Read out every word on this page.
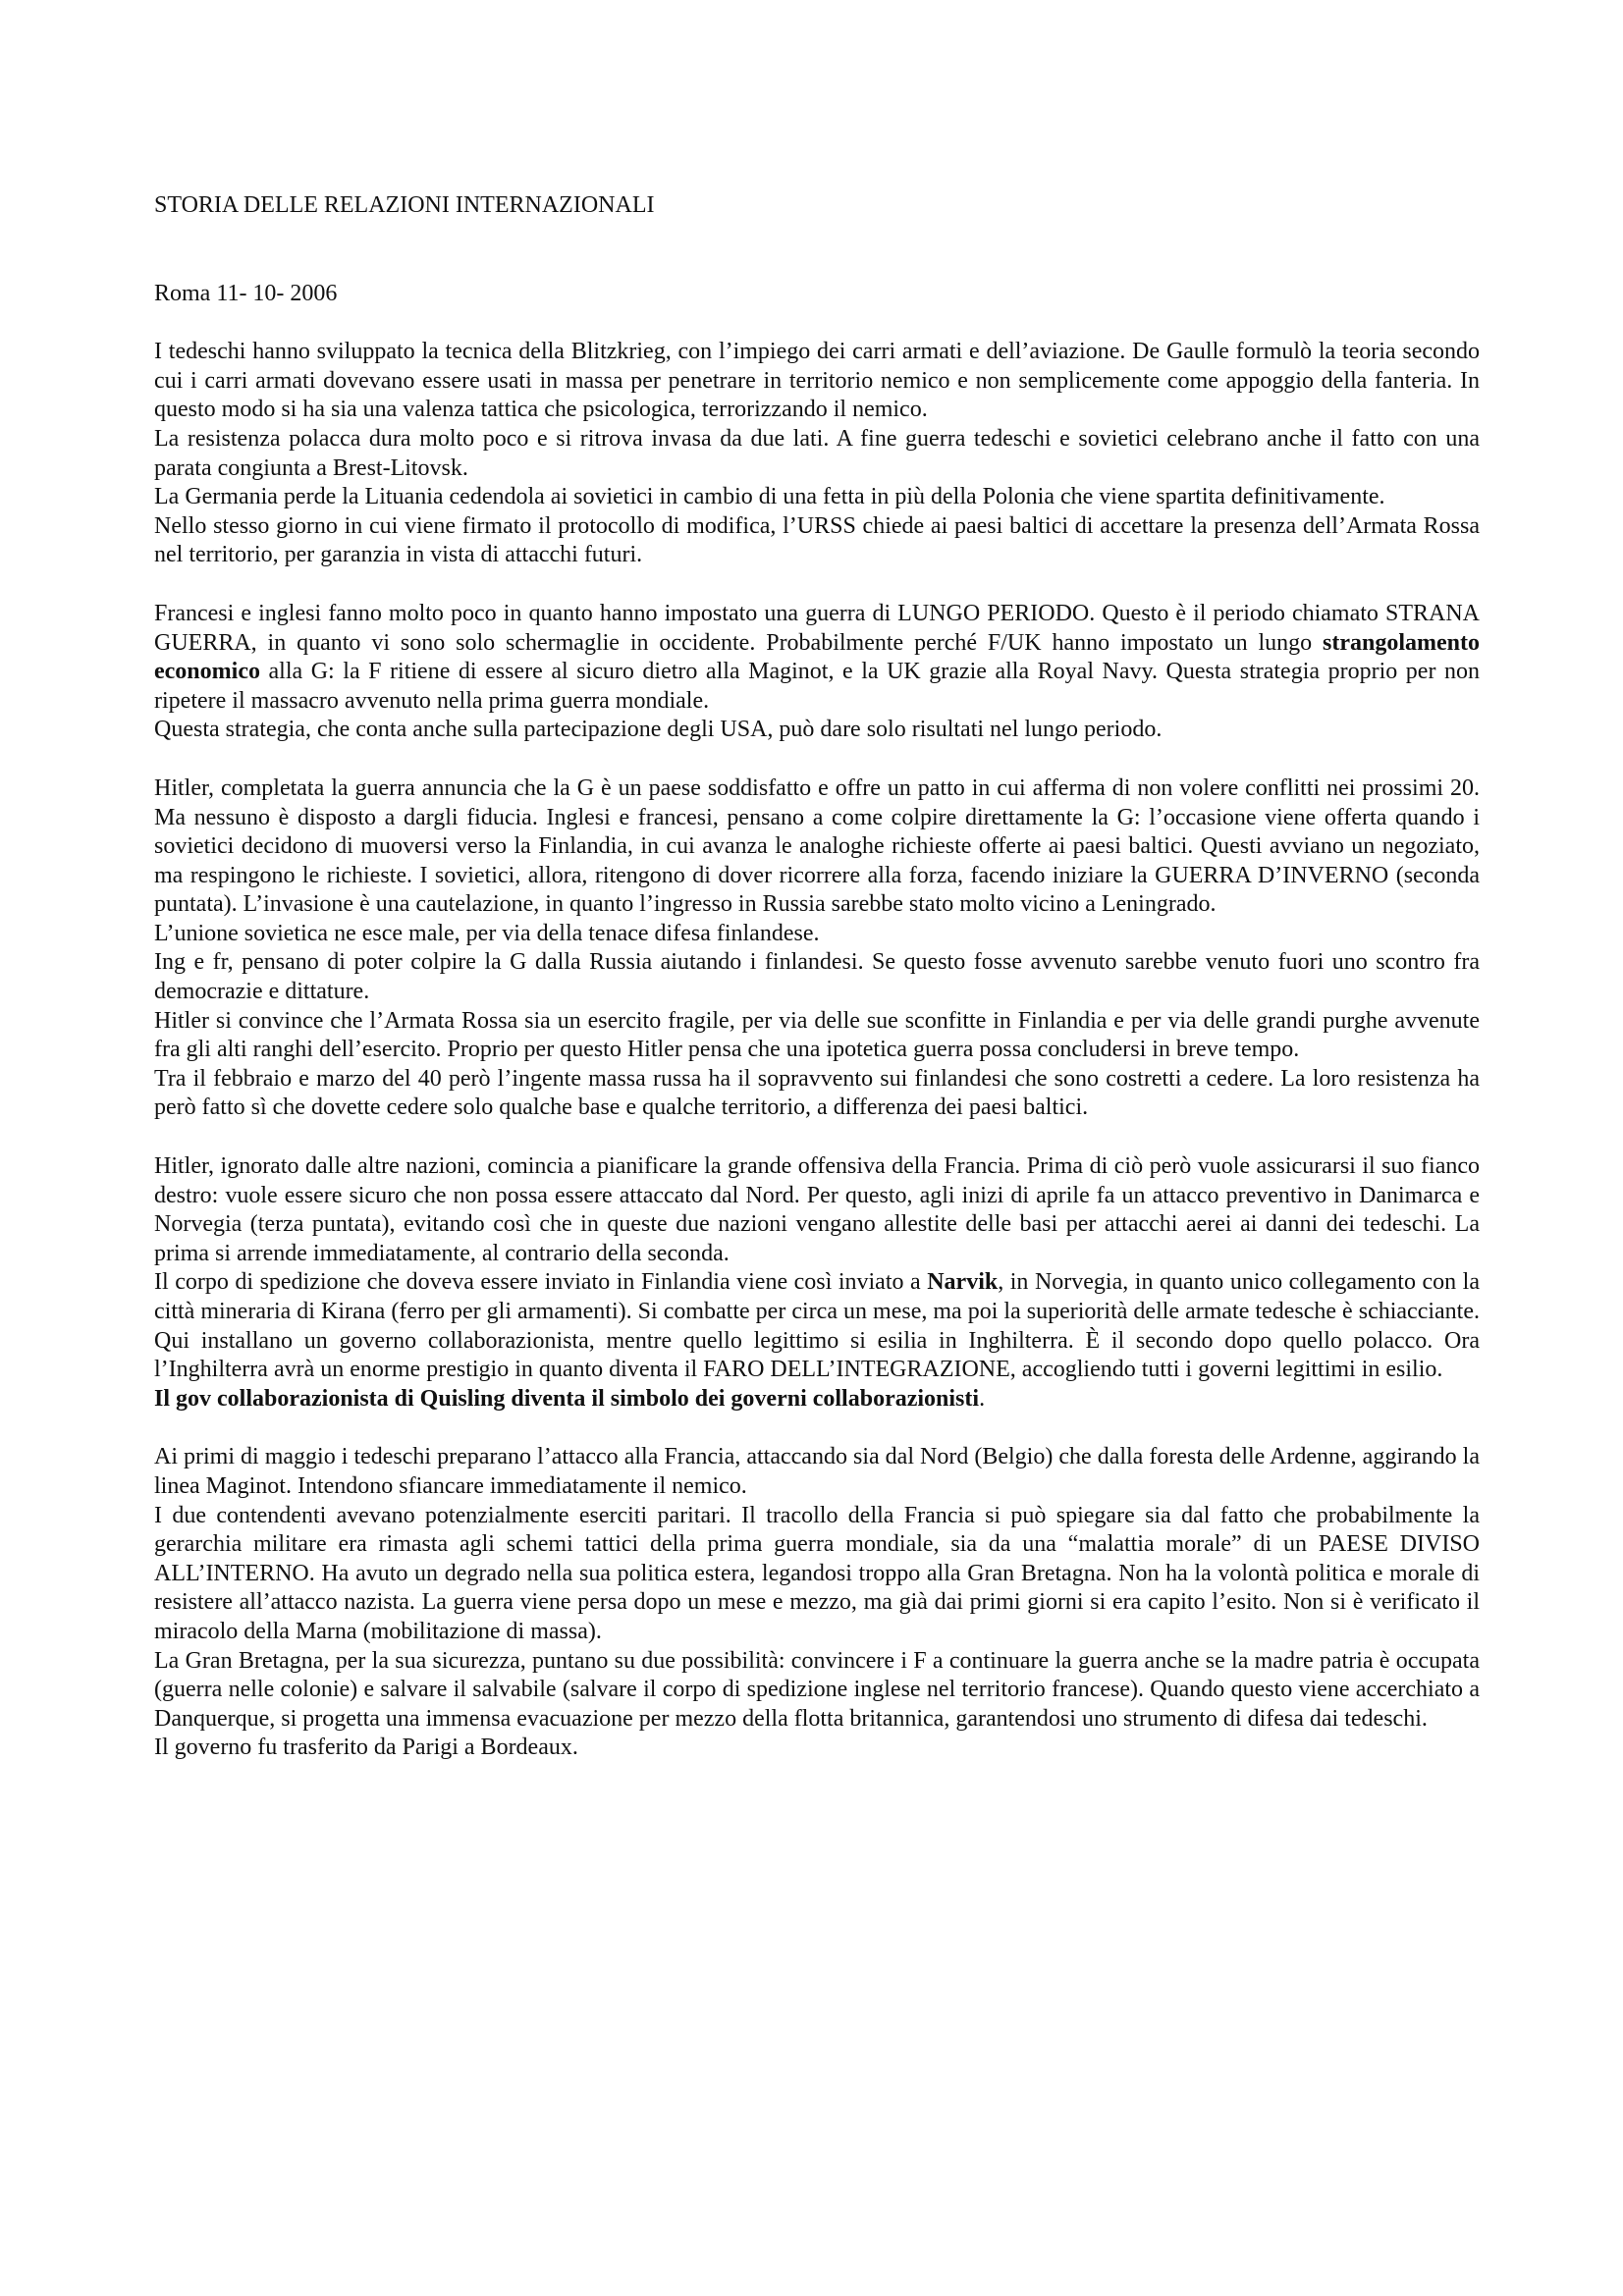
STORIA DELLE RELAZIONI INTERNAZIONALI

Roma 11- 10- 2006

I tedeschi hanno sviluppato la tecnica della Blitzkrieg, con l’impiego dei carri armati e dell’aviazione. De Gaulle formulò la teoria secondo cui i carri armati dovevano essere usati in massa per penetrare in territorio nemico e non semplicemente come appoggio della fanteria. In questo modo si ha sia una valenza tattica che psicologica, terrorizzando il nemico.

La resistenza polacca dura molto poco e si ritrova invasa da due lati. A fine guerra tedeschi e sovietici celebrano anche il fatto con una parata congiunta a Brest-Litovsk.

La Germania perde la Lituania cedendola ai sovietici in cambio di una fetta in più della Polonia che viene spartita definitivamente.

Nello stesso giorno in cui viene firmato il protocollo di modifica, l’URSS chiede ai paesi baltici di accettare la presenza dell’Armata Rossa nel territorio, per garanzia in vista di attacchi futuri.

Francesi e inglesi fanno molto poco in quanto hanno impostato una guerra di LUNGO PERIODO. Questo è il periodo chiamato STRANA GUERRA, in quanto vi sono solo schermaglie in occidente. Probabilmente perché F/UK hanno impostato un lungo strangolamento economico alla G: la F ritiene di essere al sicuro dietro alla Maginot, e la UK grazie alla Royal Navy. Questa strategia proprio per non ripetere il massacro avvenuto nella prima guerra mondiale.

Questa strategia, che conta anche sulla partecipazione degli USA, può dare solo risultati nel lungo periodo.

Hitler, completata la guerra annuncia che la G è un paese soddisfatto e offre un patto in cui afferma di non volere conflitti nei prossimi 20. Ma nessuno è disposto a dargli fiducia. Inglesi e francesi, pensano a come colpire direttamente la G: l’occasione viene offerta quando i sovietici decidono di muoversi verso la Finlandia, in cui avanza le analoghe richieste offerte ai paesi baltici. Questi avviano un negoziato, ma respingono le richieste. I sovietici, allora, ritengono di dover ricorrere alla forza, facendo iniziare la GUERRA D’INVERNO (seconda puntata). L’invasione è una cautelazione, in quanto l’ingresso in Russia sarebbe stato molto vicino a Leningrado.

L’unione sovietica ne esce male, per via della tenace difesa finlandese.

Ing e fr, pensano di poter colpire la G dalla Russia aiutando i finlandesi. Se questo fosse avvenuto sarebbe venuto fuori uno scontro fra democrazie e dittature.

Hitler si convince che l’Armata Rossa sia un esercito fragile, per via delle sue sconfitte in Finlandia e per via delle grandi purghe avvenute fra gli alti ranghi dell’esercito. Proprio per questo Hitler pensa che una ipotetica guerra possa concludersi in breve tempo.

Tra il febbraio e marzo del 40 però l’ingente massa russa ha il sopravvento sui finlandesi che sono costretti a cedere. La loro resistenza ha però fatto sì che dovette cedere solo qualche base e qualche territorio, a differenza dei paesi baltici.

Hitler, ignorato dalle altre nazioni, comincia a pianificare la grande offensiva della Francia. Prima di ciò però vuole assicurarsi il suo fianco destro: vuole essere sicuro che non possa essere attaccato dal Nord. Per questo, agli inizi di aprile fa un attacco preventivo in Danimarca e Norvegia (terza puntata), evitando così che in queste due nazioni vengano allestite delle basi per attacchi aerei ai danni dei tedeschi. La prima si arrende immediatamente, al contrario della seconda.

Il corpo di spedizione che doveva essere inviato in Finlandia viene così inviato a Narvik, in Norvegia, in quanto unico collegamento con la città mineraria di Kirana (ferro per gli armamenti). Si combatte per circa un mese, ma poi la superiorità delle armate tedesche è schiacciante. Qui installano un governo collaborazionista, mentre quello legittimo si esilia in Inghilterra. È il secondo dopo quello polacco. Ora l’Inghilterra avrà un enorme prestigio in quanto diventa il FARO DELL’INTEGRAZIONE, accogliendo tutti i governi legittimi in esilio.

Il gov collaborazionista di Quisling diventa il simbolo dei governi collaborazionisti.

Ai primi di maggio i tedeschi preparano l’attacco alla Francia, attaccando sia dal Nord (Belgio) che dalla foresta delle Ardenne, aggirando la linea Maginot. Intendono sfiancare immediatamente il nemico.

I due contendenti avevano potenzialmente eserciti paritari. Il tracollo della Francia si può spiegare sia dal fatto che probabilmente la gerarchia militare era rimasta agli schemi tattici della prima guerra mondiale, sia da una “malattia morale” di un PAESE DIVISO ALL’INTERNO. Ha avuto un degrado nella sua politica estera, legandosi troppo alla Gran Bretagna. Non ha la volontà politica e morale di resistere all’attacco nazista. La guerra viene persa dopo un mese e mezzo, ma già dai primi giorni si era capito l’esito. Non si è verificato il miracolo della Marna (mobilitazione di massa).

La Gran Bretagna, per la sua sicurezza, puntano su due possibilità: convincere i F a continuare la guerra anche se la madre patria è occupata (guerra nelle colonie) e salvare il salvabile (salvare il corpo di spedizione inglese nel territorio francese). Quando questo viene accerchiato a Danquerque, si progetta una immensa evacuazione per mezzo della flotta britannica, garantendosi uno strumento di difesa dai tedeschi.

Il governo fu trasferito da Parigi a Bordeaux.
